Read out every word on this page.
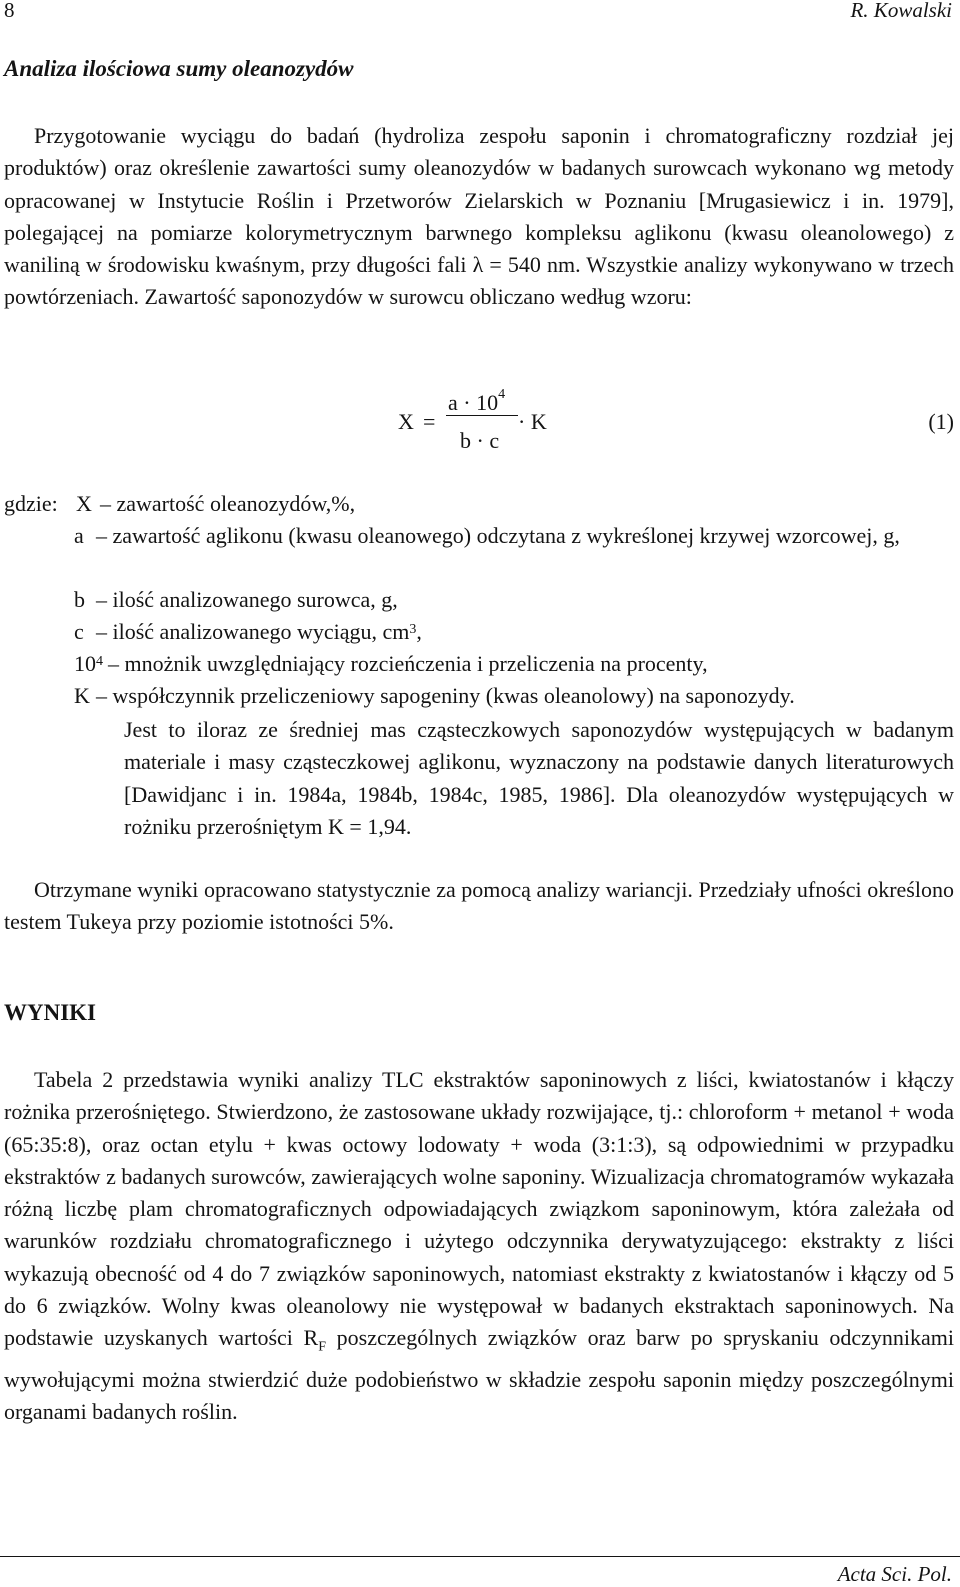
8	R. Kowalski
Analiza ilościowa sumy oleanozydów
Przygotowanie wyciągu do badań (hydroliza zespołu saponin i chromatograficzny rozdział jej produktów) oraz określenie zawartości sumy oleanozydów w badanych surowcach wykonano wg metody opracowanej w Instytucie Roślin i Przetworów Zielarskich w Poznaniu [Mrugasiewicz i in. 1979], polegającej na pomiarze kolorymetrycznym barwnego kompleksu aglikonu (kwasu oleanolowego) z waniliną w środowisku kwaśnym, przy długości fali λ = 540 nm. Wszystkie analizy wykonywano w trzech powtórzeniach. Zawartość saponozydów w surowcu obliczano według wzoru:
X =
$a \cdot 10^4$
b · c
· K	(1)
gdzie: X – zawartość oleanozydów,%,
a – zawartość aglikonu (kwasu oleanowego) odczytana z wykreślonej krzywej wzorcowej, g,
b – ilość analizowanego surowca, g,
c – ilość analizowanego wyciągu, $cm^3$,
$10^4$ – mnożnik uwzględniający rozcieńczenia i przeliczenia na procenty,
K – współczynnik przeliczeniowy sapogeniny (kwas oleanolowy) na saponozydy.
Jest to iloraz ze średniej mas cząsteczkowych saponozydów występujących w badanym materiale i masy cząsteczkowej aglikonu, wyznaczony na podstawie danych literaturowych [Dawidjanc i in. 1984a, 1984b, 1984c, 1985, 1986]. Dla oleanozydów występujących w rożniku przerośniętym K = 1,94.
Otrzymane wyniki opracowano statystycznie za pomocą analizy wariancji. Przedziały ufności określono testem Tukeya przy poziomie istotności 5%.
WYNIKI
Tabela 2 przedstawia wyniki analizy TLC ekstraktów saponinowych z liści, kwiatostanów i kłączy rożnika przerośniętego. Stwierdzono, że zastosowane układy rozwijające, tj.: chloroform + metanol + woda (65:35:8), oraz octan etylu + kwas octowy lodowaty + woda (3:1:3), są odpowiednimi w przypadku ekstraktów z badanych surowców, zawierających wolne saponiny. Wizualizacja chromatogramów wykazała różną liczbę plam chromatograficznych odpowiadających związkom saponinowym, która zależała od warunków rozdziału chromatograficznego i użytego odczynnika derywatyzującego: ekstrakty z liści wykazują obecność od 4 do 7 związków saponinowych, natomiast ekstrakty z kwiatostanów i kłączy od 5 do 6 związków. Wolny kwas oleanolowy nie występował w badanych ekstraktach saponinowych. Na podstawie uzyskanych wartości $R_F$ poszczególnych związków oraz barw po spryskaniu odczynnikami wywołującymi można stwierdzić duże podobieństwo w składzie zespołu saponin między poszczególnymi organami badanych roślin.
Acta Sci. Pol.
